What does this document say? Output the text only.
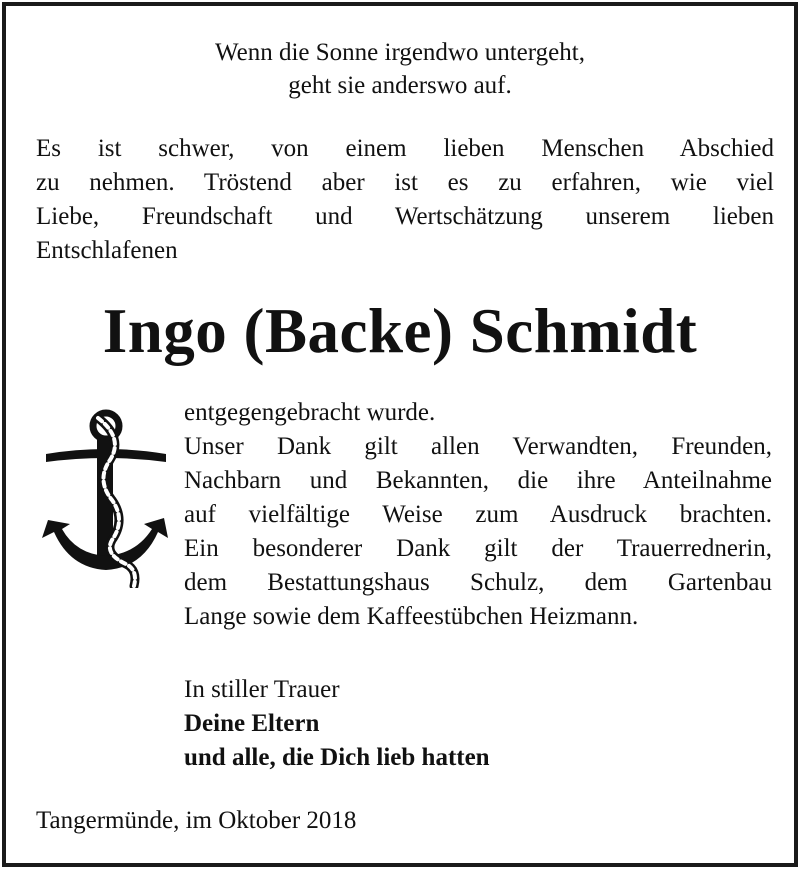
Wenn die Sonne irgendwo untergeht,
geht sie anderswo auf.
Es ist schwer, von einem lieben Menschen Abschied
zu nehmen. Tröstend aber ist es zu erfahren, wie viel
Liebe, Freundschaft und Wertschätzung unserem lieben
Entschlafenen
Ingo (Backe) Schmidt
entgegengebracht wurde.
Unser Dank gilt allen Verwandten, Freunden,
Nachbarn und Bekannten, die ihre Anteilnahme
auf vielfältige Weise zum Ausdruck brachten.
Ein besonderer Dank gilt der Trauerrednerin,
dem Bestattungshaus Schulz, dem Gartenbau
Lange sowie dem Kaffeestübchen Heizmann.
In stiller Trauer
Deine Eltern
und alle, die Dich lieb hatten
Tangermünde, im Oktober 2018
